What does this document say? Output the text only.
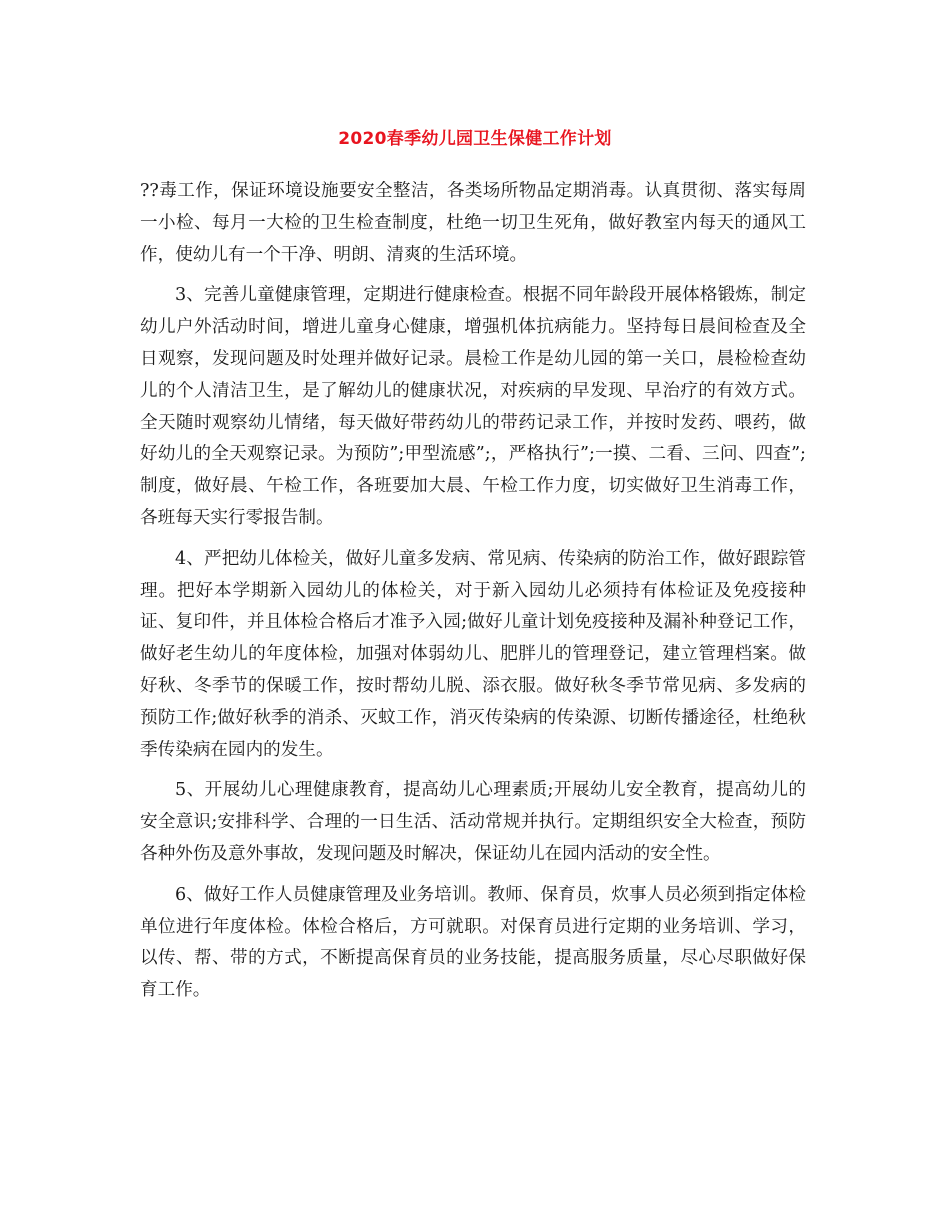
2020春季幼儿园卫生保健工作计划

??毒工作，保证环境设施要安全整洁，各类场所物品定期消毒。认真贯彻、落实每周一小检、每月一大检的卫生检查制度，杜绝一切卫生死角，做好教室内每天的通风工作，使幼儿有一个干净、明朗、清爽的生活环境。

3、完善儿童健康管理，定期进行健康检查。根据不同年龄段开展体格锻炼，制定幼儿户外活动时间，增进儿童身心健康，增强机体抗病能力。坚持每日晨间检查及全日观察，发现问题及时处理并做好记录。晨检工作是幼儿园的第一关口，晨检检查幼儿的个人清洁卫生，是了解幼儿的健康状况，对疾病的早发现、早治疗的有效方式。全天随时观察幼儿情绪，每天做好带药幼儿的带药记录工作，并按时发药、喂药，做好幼儿的全天观察记录。为预防”;甲型流感”;，严格执行”;一摸、二看、三问、四查”;制度，做好晨、午检工作，各班要加大晨、午检工作力度，切实做好卫生消毒工作，各班每天实行零报告制。

4、严把幼儿体检关，做好儿童多发病、常见病、传染病的防治工作，做好跟踪管理。把好本学期新入园幼儿的体检关，对于新入园幼儿必须持有体检证及免疫接种证、复印件，并且体检合格后才准予入园;做好儿童计划免疫接种及漏补种登记工作，做好老生幼儿的年度体检，加强对体弱幼儿、肥胖儿的管理登记，建立管理档案。做好秋、冬季节的保暖工作，按时帮幼儿脱、添衣服。做好秋冬季节常见病、多发病的预防工作;做好秋季的消杀、灭蚊工作，消灭传染病的传染源、切断传播途径，杜绝秋季传染病在园内的发生。

5、开展幼儿心理健康教育，提高幼儿心理素质;开展幼儿安全教育，提高幼儿的安全意识;安排科学、合理的一日生活、活动常规并执行。定期组织安全大检查，预防各种外伤及意外事故，发现问题及时解决，保证幼儿在园内活动的安全性。

6、做好工作人员健康管理及业务培训。教师、保育员，炊事人员必须到指定体检单位进行年度体检。体检合格后，方可就职。对保育员进行定期的业务培训、学习，以传、帮、带的方式，不断提高保育员的业务技能，提高服务质量，尽心尽职做好保育工作。
